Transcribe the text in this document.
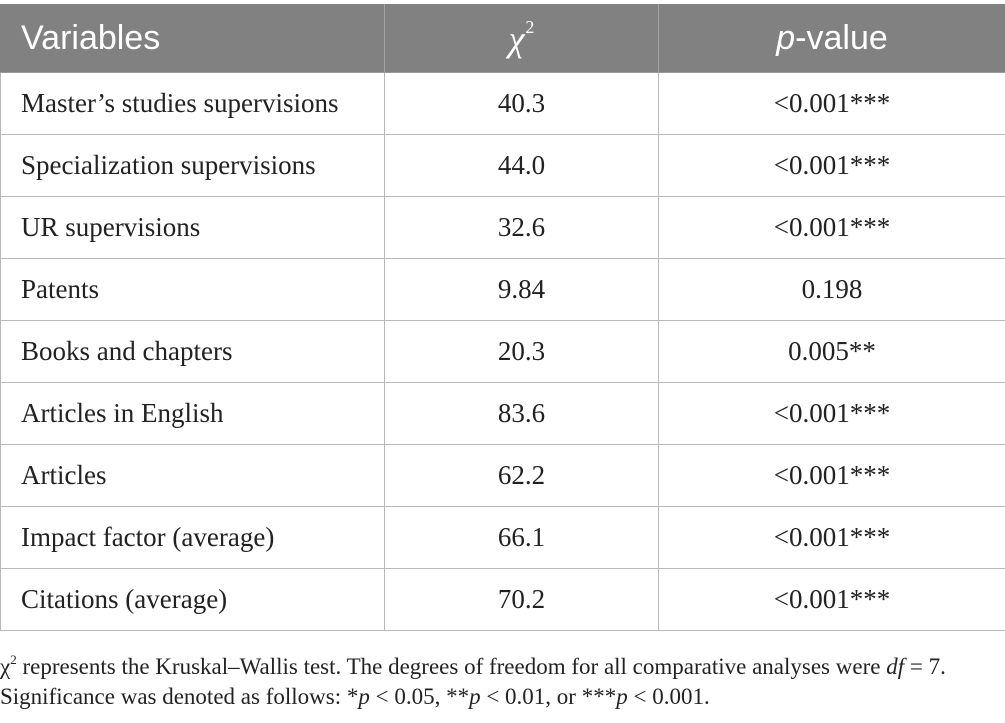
Variables	$\chi^2$	p-value
Master’s studies supervisions	40.3	<0.001***
Specialization supervisions	44.0	<0.001***
UR supervisions	32.6	<0.001***
Patents	9.84	0.198
Books and chapters	20.3	0.005**
Articles in English	83.6	<0.001***
Articles	62.2	<0.001***
Impact factor (average)	66.1	<0.001***
Citations (average)	70.2	<0.001***
$\chi^2$ represents the Kruskal–Wallis test. The degrees of freedom for all comparative analyses were df = 7. Significance was denoted as follows: *p < 0.05, **p < 0.01, or ***p < 0.001.
